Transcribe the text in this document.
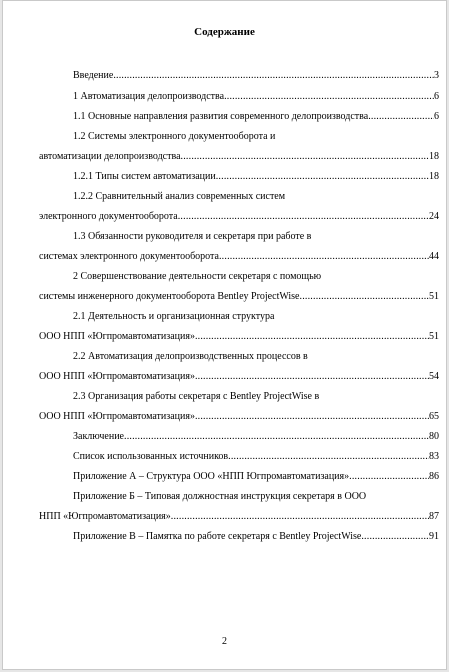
Содержание
Введение .....	3
1 Автоматизация делопроизводства .....	6
1.1 Основные направления развития современного делопроизводства .....	6
1.2 Системы электронного документооборота и
автоматизации делопроизводства .....	18
1.2.1 Типы систем автоматизации .....	18
1.2.2 Сравнительный анализ современных систем
электронного документооборота .....	24
1.3 Обязанности руководителя и секретаря при работе в
системах электронного документооборота .....	44
2 Совершенствование деятельности секретаря с помощью
системы инженерного документооборота Bentley ProjectWise .....	51
2.1 Деятельность и организационная структура
ООО НПП «Югпромавтоматизация» .....	51
2.2 Автоматизация делопроизводственных процессов в
ООО НПП «Югпромавтоматизация» .....	54
2.3 Организация работы секретаря с Bentley ProjectWise в
ООО НПП «Югпромавтоматизация» .....	65
Заключение .....	80
Список использованных источников .....	83
Приложение А – Структура ООО «НПП Югпромавтоматизация» .....	86
Приложение Б – Типовая должностная инструкция секретаря в ООО
НПП «Югпромавтоматизация» .....	87
Приложение В – Памятка по работе секретаря с Bentley ProjectWise .....	91
2
